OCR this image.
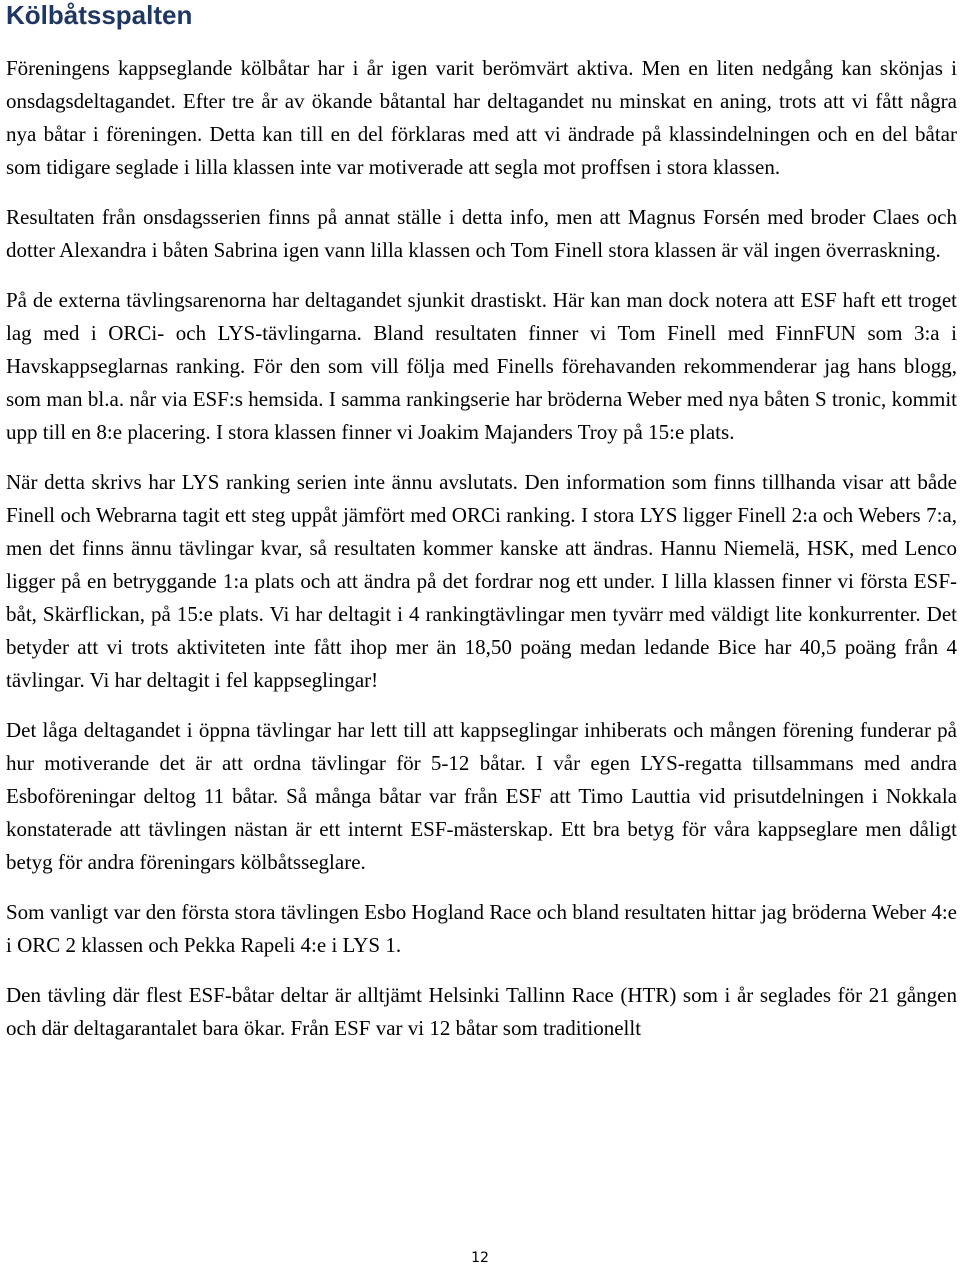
Kölbåtsspalten

Föreningens kappseglande kölbåtar har i år igen varit berömvärt aktiva. Men en liten nedgång kan skönjas i onsdagsdeltagandet. Efter tre år av ökande båtantal har deltagandet nu minskat en aning, trots att vi fått några nya båtar i föreningen. Detta kan till en del förklaras med att vi ändrade på klassindelningen och en del båtar som tidigare seglade i lilla klassen inte var motiverade att segla mot proffsen i stora klassen.

Resultaten från onsdagsserien finns på annat ställe i detta info, men att Magnus Forsén med broder Claes och dotter Alexandra i båten Sabrina igen vann lilla klassen och Tom Finell stora klassen är väl ingen överraskning.

På de externa tävlingsarenorna har deltagandet sjunkit drastiskt. Här kan man dock notera att ESF haft ett troget lag med i ORCi- och LYS-tävlingarna. Bland resultaten finner vi Tom Finell med FinnFUN som 3:a i Havskappseglarnas ranking. För den som vill följa med Finells förehavanden rekommenderar jag hans blogg, som man bl.a. når via ESF:s hemsida. I samma rankingserie har bröderna Weber med nya båten S tronic, kommit upp till en 8:e placering. I stora klassen finner vi Joakim Majanders Troy på 15:e plats.

När detta skrivs har LYS ranking serien inte ännu avslutats. Den information som finns tillhanda visar att både Finell och Webrarna tagit ett steg uppåt jämfört med ORCi ranking. I stora LYS ligger Finell 2:a och Webers 7:a, men det finns ännu tävlingar kvar, så resultaten kommer kanske att ändras. Hannu Niemelä, HSK, med Lenco ligger på en betryggande 1:a plats och att ändra på det fordrar nog ett under. I lilla klassen finner vi första ESF-båt, Skärflickan, på 15:e plats. Vi har deltagit i 4 rankingtävlingar men tyvärr med väldigt lite konkurrenter. Det betyder att vi trots aktiviteten inte fått ihop mer än 18,50 poäng medan ledande Bice har 40,5 poäng från 4 tävlingar. Vi har deltagit i fel kappseglingar!

Det låga deltagandet i öppna tävlingar har lett till att kappseglingar inhiberats och mången förening funderar på hur motiverande det är att ordna tävlingar för 5-12 båtar. I vår egen LYS-regatta tillsammans med andra Esboföreningar deltog 11 båtar. Så många båtar var från ESF att Timo Lauttia vid prisutdelningen i Nokkala konstaterade att tävlingen nästan är ett internt ESF-mästerskap. Ett bra betyg för våra kappseglare men dåligt betyg för andra föreningars kölbåtsseglare.

Som vanligt var den första stora tävlingen Esbo Hogland Race och bland resultaten hittar jag bröderna Weber 4:e i ORC 2 klassen och Pekka Rapeli 4:e i LYS 1.

Den tävling där flest ESF-båtar deltar är alltjämt Helsinki Tallinn Race (HTR) som i år seglades för 21 gången och där deltagarantalet bara ökar. Från ESF var vi 12 båtar som traditionellt

12
